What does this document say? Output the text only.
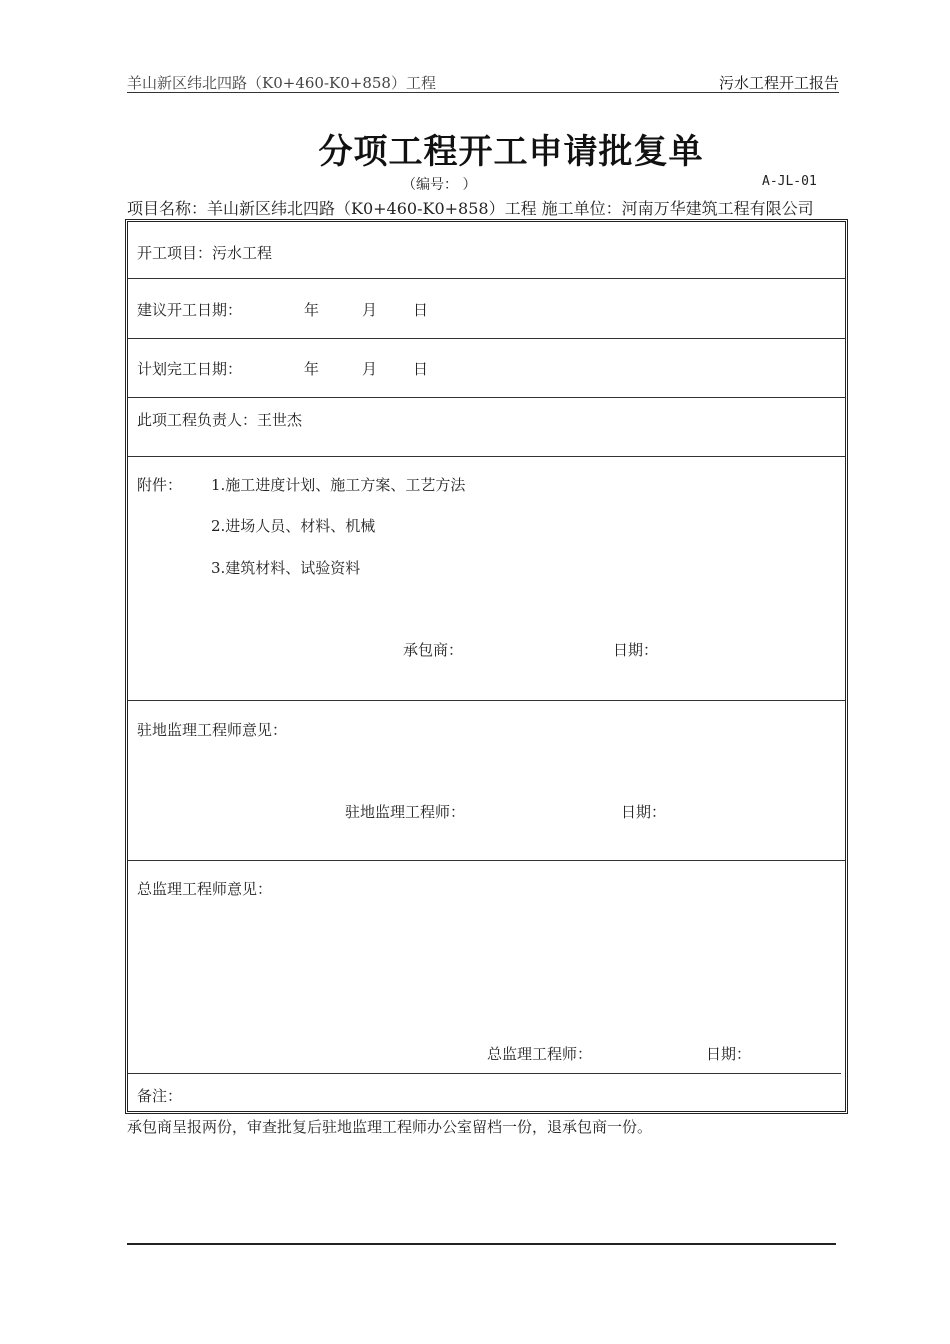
羊山新区纬北四路（K0+460-K0+858）工程	污水工程开工报告
分项工程开工申请批复单
（编号： ）	A-JL-01
项目名称：羊山新区纬北四路（K0+460-K0+858）工程 施工单位：河南万华建筑工程有限公司
开工项目：污水工程
建议开工日期：	年	月 日
计划完工日期：	年	月 日
此项工程负责人：王世杰
附件： 1.施工进度计划、施工方案、工艺方法
2.进场人员、材料、机械
3.建筑材料、试验资料
承包商：	日期：
驻地监理工程师意见：
驻地监理工程师：	日期：
总监理工程师意见：
总监理工程师：	日期：
备注：
承包商呈报两份，审查批复后驻地监理工程师办公室留档一份，退承包商一份。
